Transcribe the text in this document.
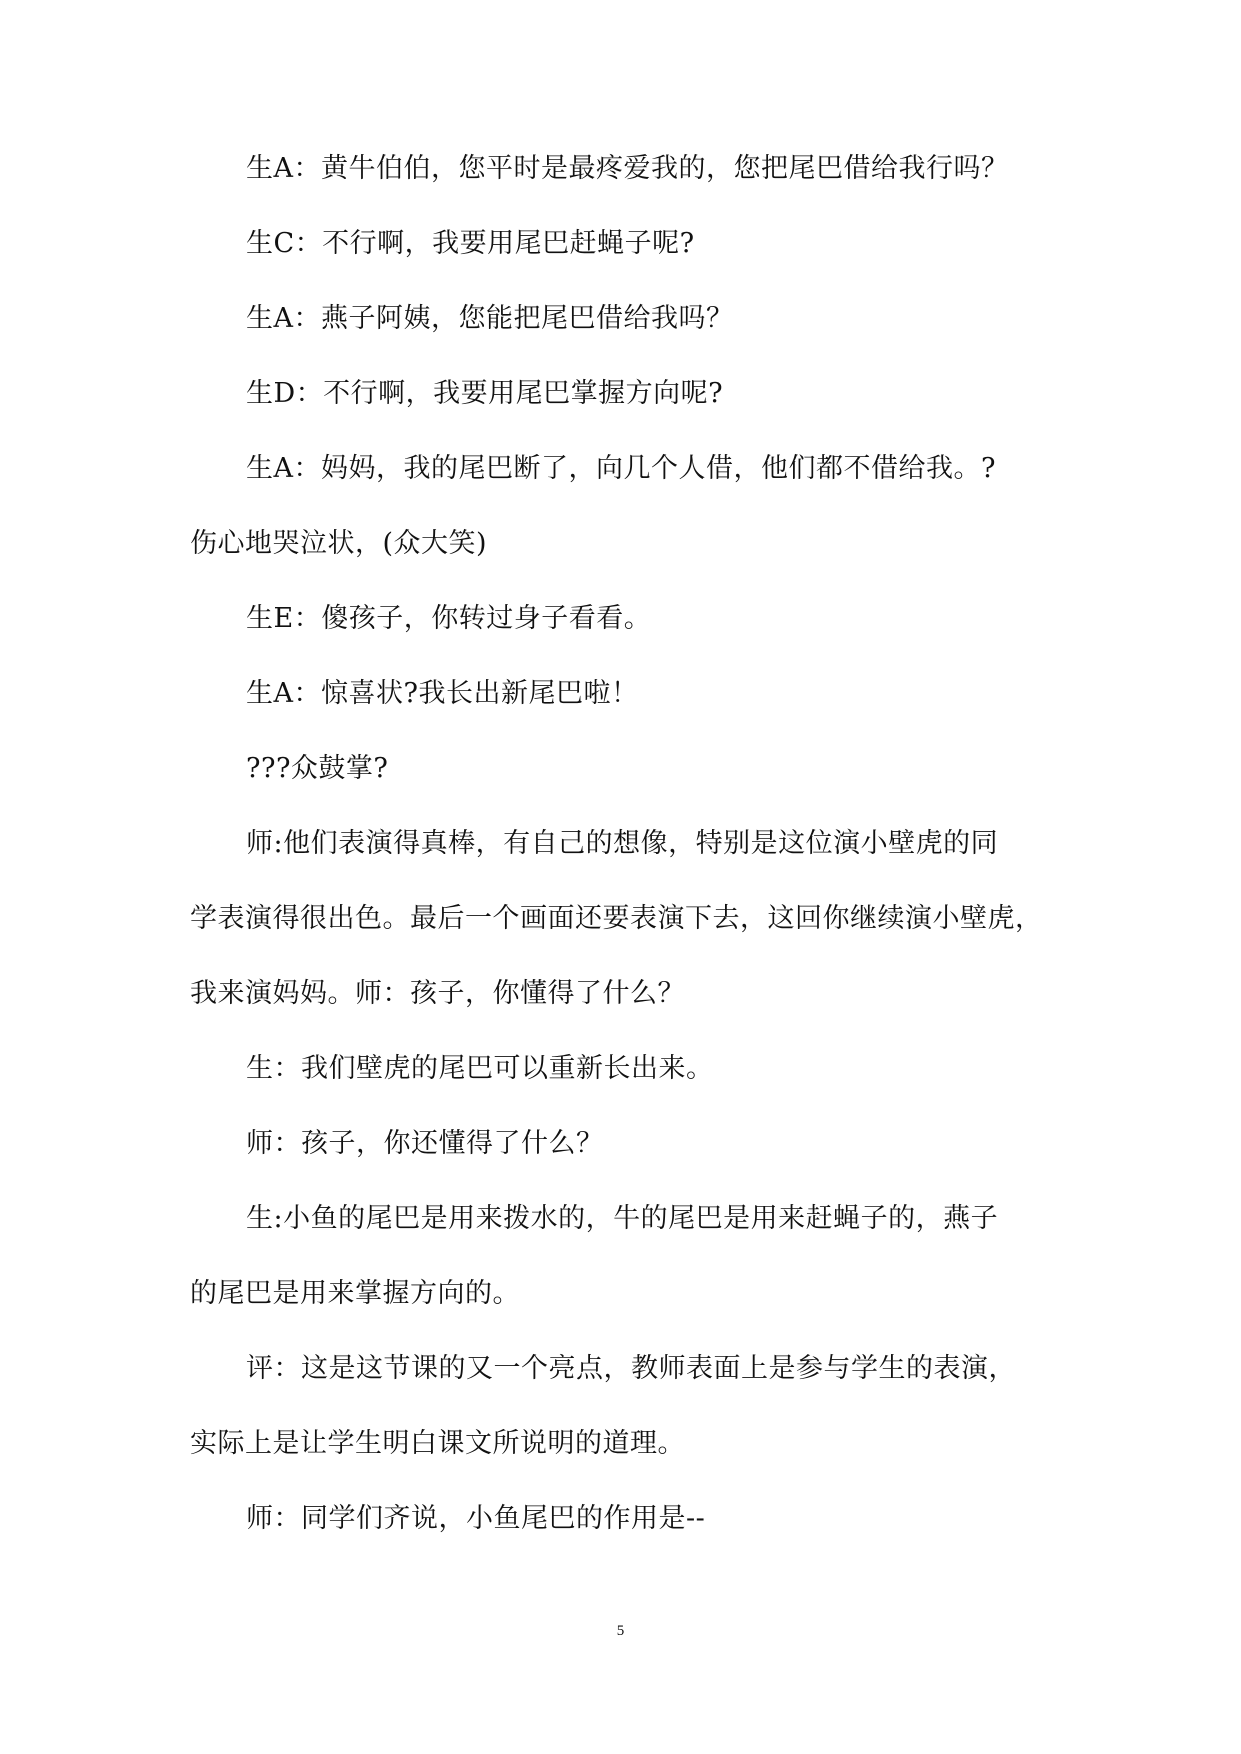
生A：黄牛伯伯，您平时是最疼爱我的，您把尾巴借给我行吗？
生C：不行啊，我要用尾巴赶蝇子呢?
生A：燕子阿姨，您能把尾巴借给我吗？
生D：不行啊，我要用尾巴掌握方向呢?
生A：妈妈，我的尾巴断了，向几个人借，他们都不借给我。?
伤心地哭泣状，(众大笑)
生E：傻孩子，你转过身子看看。
生A：惊喜状?我长出新尾巴啦！
???众鼓掌?
师:他们表演得真棒，有自己的想像，特别是这位演小壁虎的同
学表演得很出色。最后一个画面还要表演下去，这回你继续演小壁虎，
我来演妈妈。师：孩子，你懂得了什么？
生：我们壁虎的尾巴可以重新长出来。
师：孩子，你还懂得了什么？
生:小鱼的尾巴是用来拨水的，牛的尾巴是用来赶蝇子的，燕子
的尾巴是用来掌握方向的。
评：这是这节课的又一个亮点，教师表面上是参与学生的表演，
实际上是让学生明白课文所说明的道理。
师：同学们齐说，小鱼尾巴的作用是--
5
